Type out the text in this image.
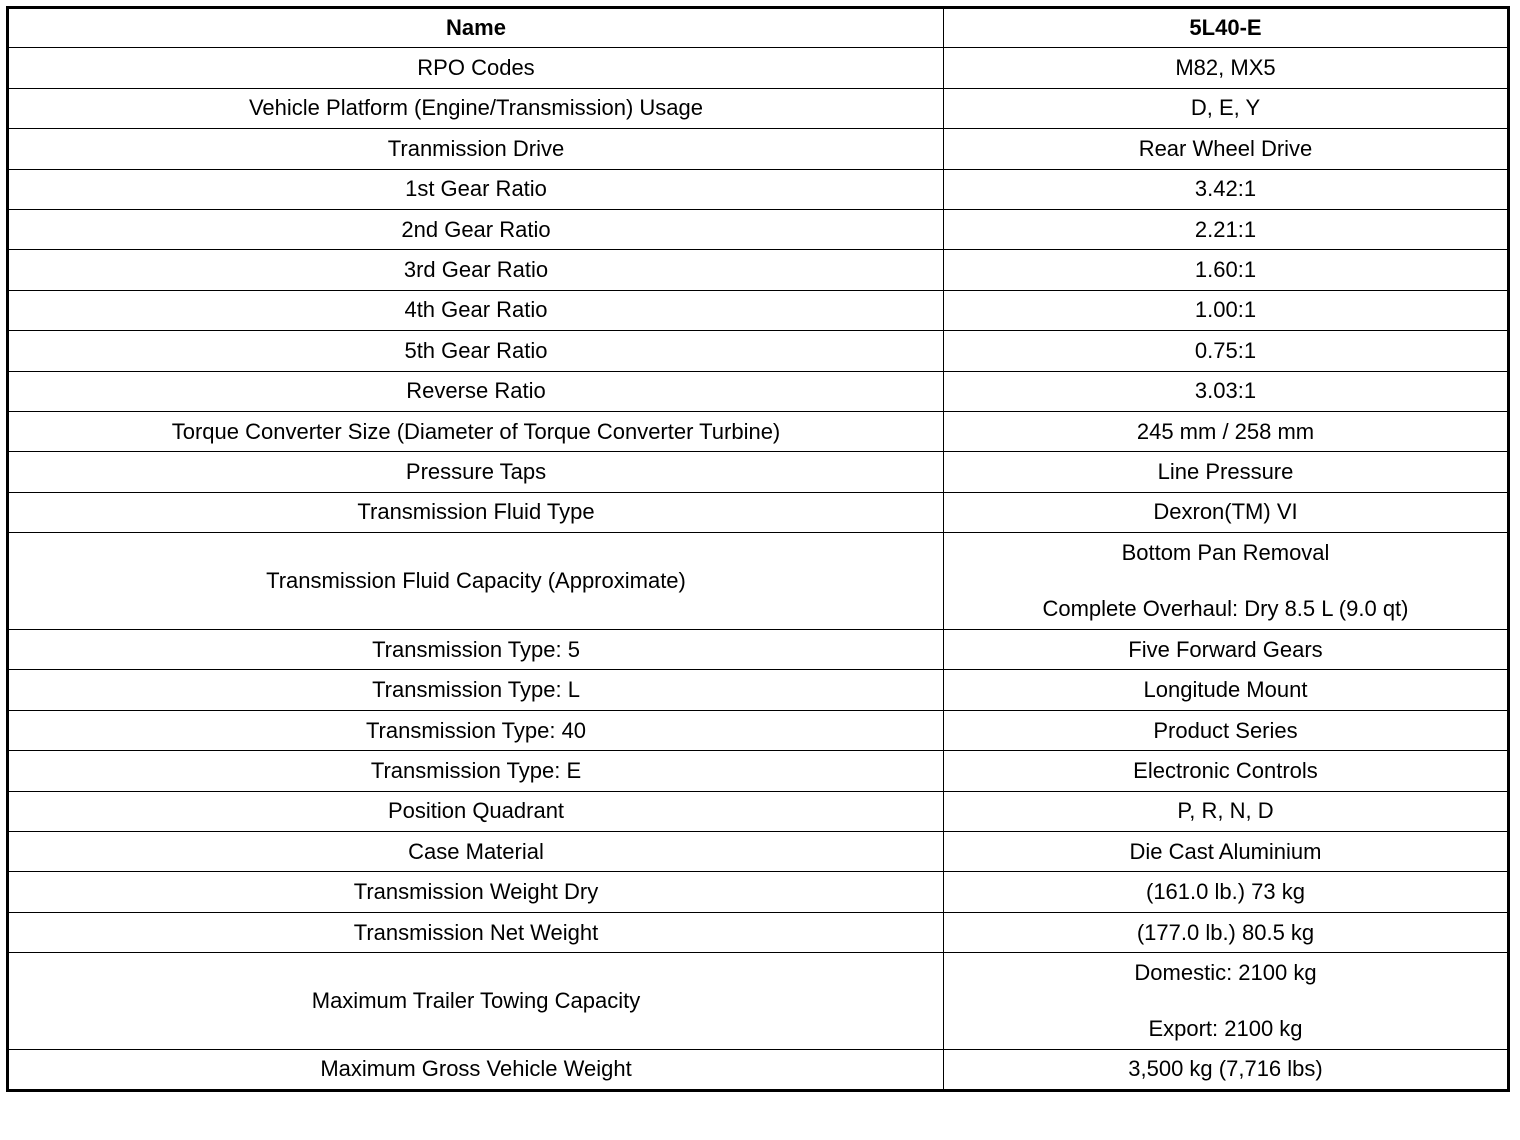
Name	5L40-E
RPO Codes	M82, MX5
Vehicle Platform (Engine/Transmission) Usage	D, E, Y
Tranmission Drive	Rear Wheel Drive
1st Gear Ratio	3.42:1
2nd Gear Ratio	2.21:1
3rd Gear Ratio	1.60:1
4th Gear Ratio	1.00:1
5th Gear Ratio	0.75:1
Reverse Ratio	3.03:1
Torque Converter Size (Diameter of Torque Converter Turbine)	245 mm / 258 mm
Pressure Taps	Line Pressure
Transmission Fluid Type	Dexron(TM) VI
Transmission Fluid Capacity (Approximate)	Bottom Pan Removal
Complete Overhaul: Dry 8.5 L (9.0 qt)

Transmission Type: 5	Five Forward Gears
Transmission Type: L	Longitude Mount
Transmission Type: 40	Product Series
Transmission Type: E	Electronic Controls
Position Quadrant	P, R, N, D
Case Material	Die Cast Aluminium
Transmission Weight Dry	(161.0 lb.) 73 kg
Transmission Net Weight	(177.0 lb.) 80.5 kg
Maximum Trailer Towing Capacity	Domestic: 2100 kg
Export: 2100 kg

Maximum Gross Vehicle Weight	3,500 kg (7,716 lbs)
